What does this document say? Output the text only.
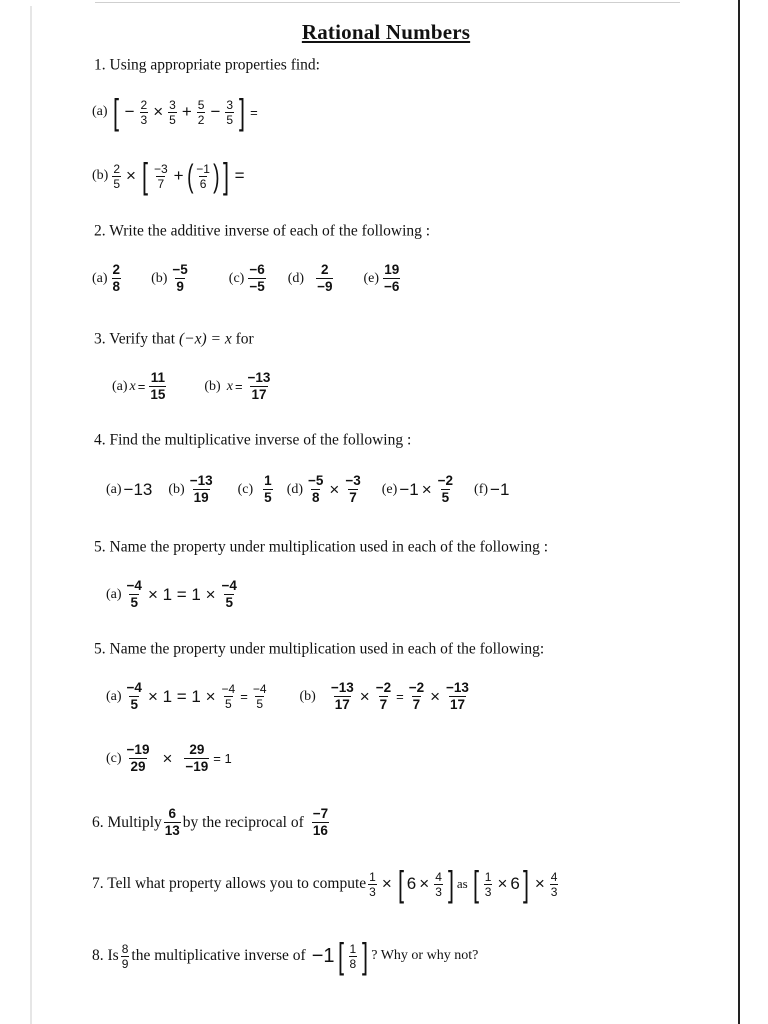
Rational Numbers
1. Using appropriate properties find:
(a) [ − $\frac{2}{3} \times \frac{3}{5} + \frac{5}{2} - \frac{3}{5}$ ] =
$(b) \frac{2}{5}$ × [ −3
7 + ( −1
6 ) ] =
2. Write the additive inverse of each of the following :
(a)
2
8
(b)
−5
9
(c)
−6
−5
(d)
2
−9
(e)
19
−6
3. Verify that (−x) = x for
(a) $x = \frac{11}{15}$	(b) $x = \frac{-13}{17}$
4. Find the multiplicative inverse of the following :
(a) −13 (b)
−13
19
(c)
1
5
$(d) \frac{-5}{8} \times \frac{-3}{7} (e) -1 \times \frac{-2}{5} (f) -1$
5. Name the property under multiplication used in each of the following :
$(a) \frac{-4}{5} \times 1 = 1 \times \frac{-4}{5}$
5. Name the property under multiplication used in each of the following:
$(a) \frac{-4}{5} \times 1 = 1 \times \frac{-4}{5} = \frac{-4}{5} (b) \frac{-13}{17} \times \frac{-2}{7} = \frac{-2}{7} \times \frac{-13}{17}$
$(c) \frac{-19}{29} \times \frac{29}{-19} = 1$
6. Multiply 6
13 by the reciprocal of −7
16
7. Tell what property allows you to compute $\frac{1}{3}$ × [ $6 \times \frac{4}{3}$ ] as [ $\frac{1}{3} \times 6$ ] × $\frac{4}{3}$
8. Is 8
9 the multiplicative inverse of −1 [ 1
8 ] ? Why or why not?
